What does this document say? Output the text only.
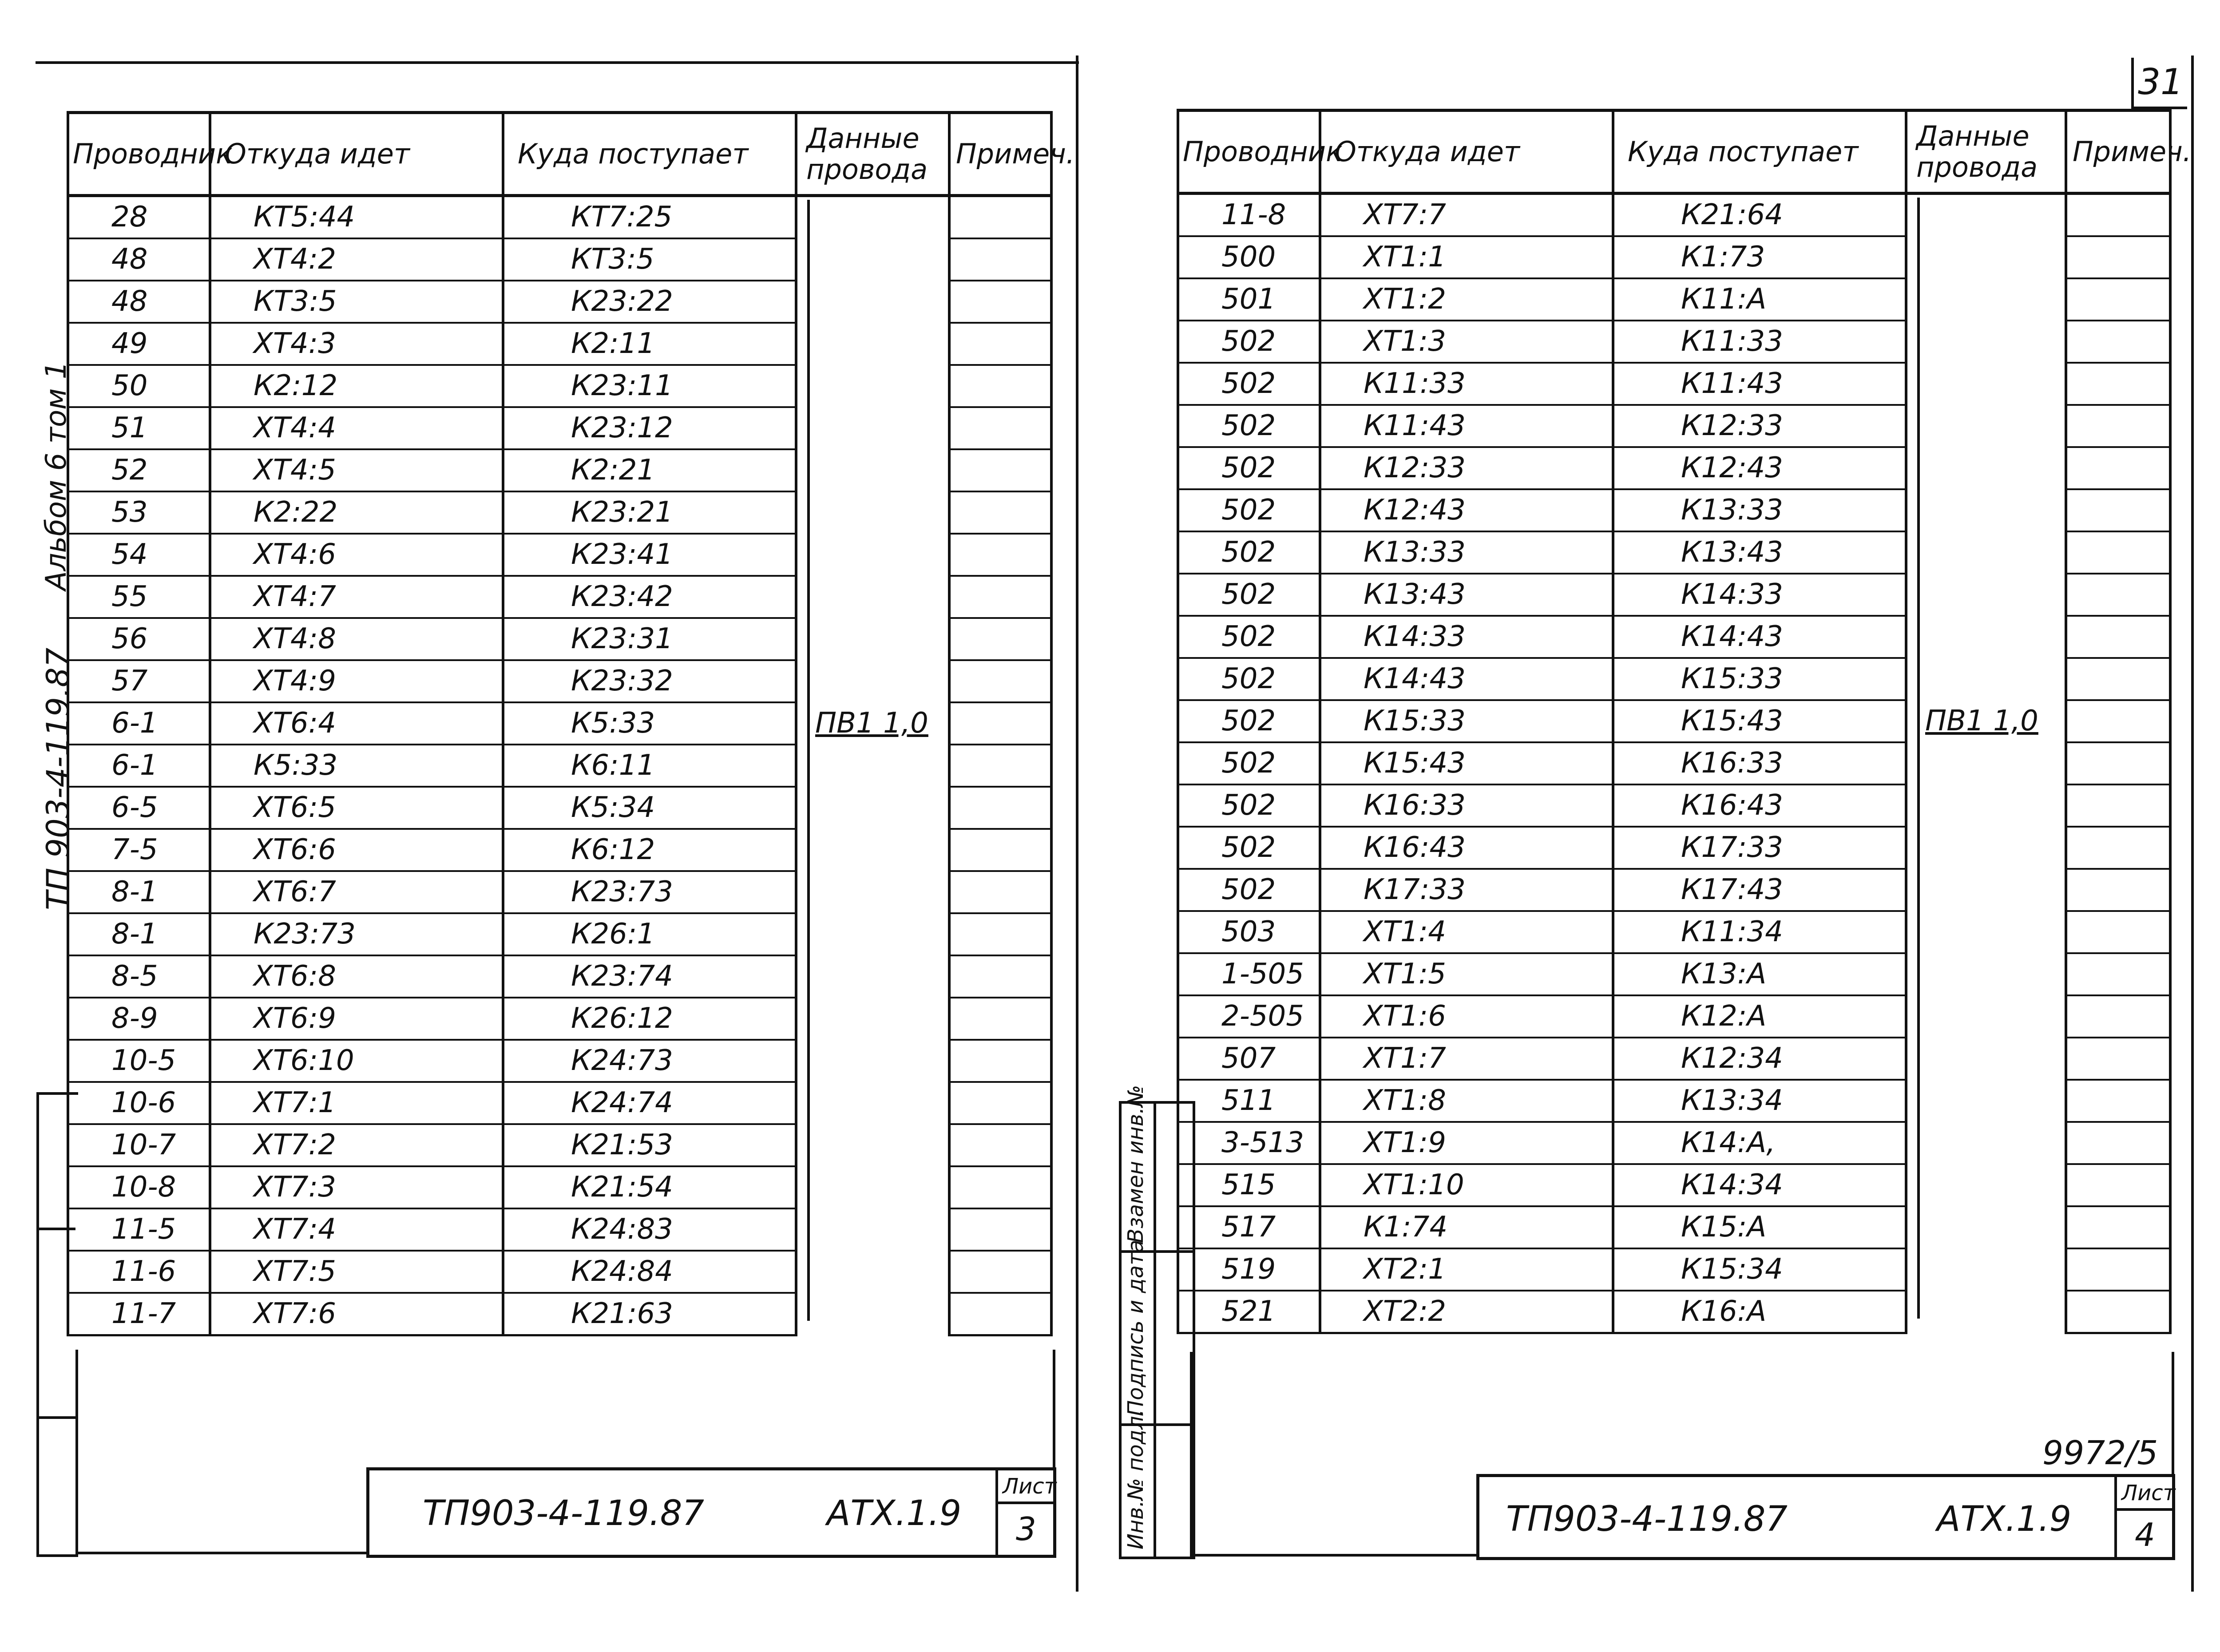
31
Альбом 6 том 1
ТП 903-4-119.87
Проводник	Откуда идет	Куда поступает	Данные провода	Примеч.
28	КТ5:44	КТ7:25		
48	ХТ4:2	КТ3:5		
48	КТ3:5	К23:22		
49	ХТ4:3	К2:11		
50	К2:12	К23:11		
51	ХТ4:4	К23:12		
52	ХТ4:5	К2:21		
53	К2:22	К23:21		
54	ХТ4:6	К23:41		
55	ХТ4:7	К23:42		
56	ХТ4:8	К23:31		
57	ХТ4:9	К23:32		
6-1	ХТ6:4	К5:33	ПВ1 1,0	
6-1	К5:33	К6:11		
6-5	ХТ6:5	К5:34		
7-5	ХТ6:6	К6:12		
8-1	ХТ6:7	К23:73		
8-1	К23:73	К26:1		
8-5	ХТ6:8	К23:74		
8-9	ХТ6:9	К26:12		
10-5	ХТ6:10	К24:73		
10-6	ХТ7:1	К24:74		
10-7	ХТ7:2	К21:53		
10-8	ХТ7:3	К21:54		
11-5	ХТ7:4	К24:83		
11-6	ХТ7:5	К24:84		
11-7	ХТ7:6	К21:63		
ТП903-4-119.87	АТХ.1.9
Лист
3
Взамен инв.№
Подпись и дата
Инв.№ подл.
Проводник	Откуда идет	Куда поступает	Данные провода	Примеч.
11-8	ХТ7:7	К21:64		
500	ХТ1:1	К1:73		
501	ХТ1:2	К11:А		
502	ХТ1:3	К11:33		
502	К11:33	К11:43		
502	К11:43	К12:33		
502	К12:33	К12:43		
502	К12:43	К13:33		
502	К13:33	К13:43		
502	К13:43	К14:33		
502	К14:33	К14:43		
502	К14:43	К15:33		
502	К15:33	К15:43	ПВ1 1,0	
502	К15:43	К16:33		
502	К16:33	К16:43		
502	К16:43	К17:33		
502	К17:33	К17:43		
503	ХТ1:4	К11:34		
1-505	ХТ1:5	К13:А		
2-505	ХТ1:6	К12:А		
507	ХТ1:7	К12:34		
511	ХТ1:8	К13:34		
3-513	ХТ1:9	К14:А,		
515	ХТ1:10	К14:34		
517	К1:74	К15:А		
519	ХТ2:1	К15:34		
521	ХТ2:2	К16:А		
9972/5
ТП903-4-119.87	АТХ.1.9
Лист
4
